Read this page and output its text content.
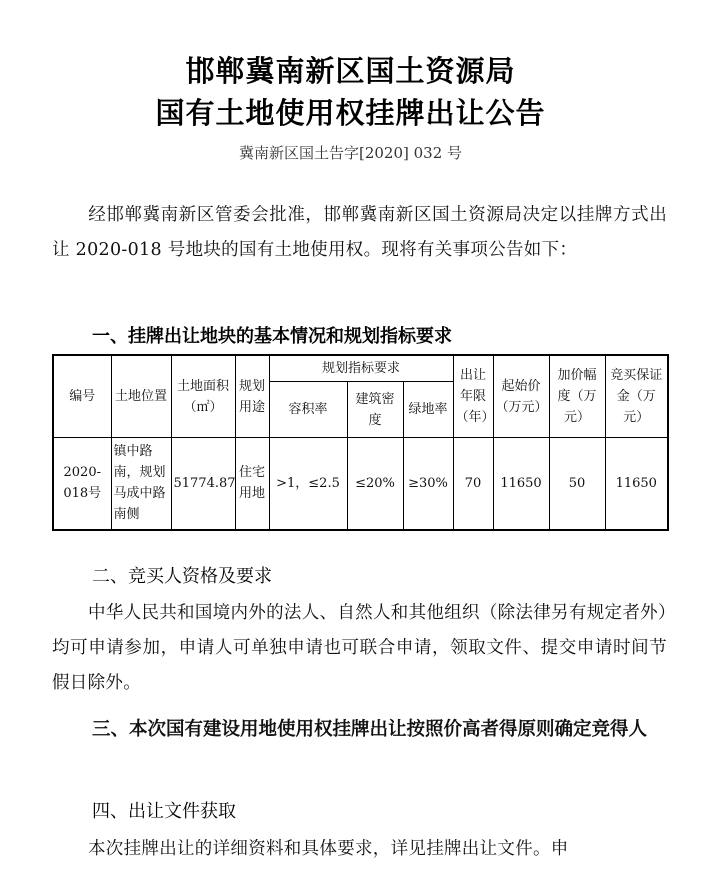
邯郸冀南新区国土资源局
国有土地使用权挂牌出让公告
冀南新区国土告字[2020] 032 号
经邯郸冀南新区管委会批准，邯郸冀南新区国土资源局决定以挂牌方式出让 2020-018 号地块的国有土地使用权。现将有关事项公告如下：
一、挂牌出让地块的基本情况和规划指标要求
编号	土地位置	土地面积（㎡）	规划用途	规划指标要求			出让年限（年）	起始价（万元）	加价幅度（万元）	竞买保证金（万元）
				容积率	建筑密度	绿地率				
2020-018号	镇中路南，规划马成中路南侧	51774.87	住宅用地	>1，≤2.5	≤20%	≥30%	70	11650	50	11650
二、竞买人资格及要求
中华人民共和国境内外的法人、自然人和其他组织（除法律另有规定者外）均可申请参加，申请人可单独申请也可联合申请，领取文件、提交申请时间节假日除外。
三、本次国有建设用地使用权挂牌出让按照价高者得原则确定竞得人
四、出让文件获取
本次挂牌出让的详细资料和具体要求，详见挂牌出让文件。申
